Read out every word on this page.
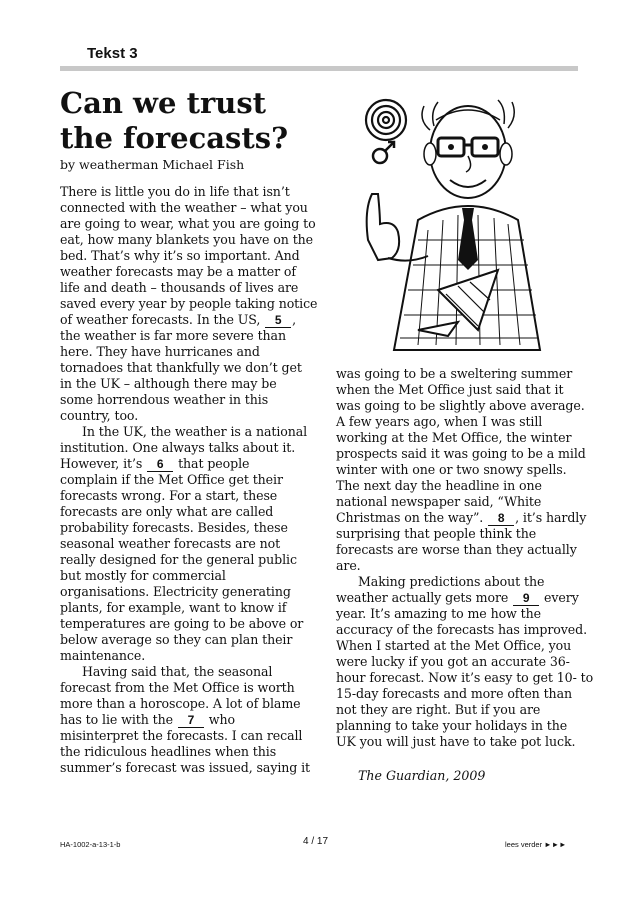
Tekst 3
Can we trust the forecasts?
by weatherman Michael Fish
There is little you do in life that isn’t
connected with the weather – what you
are going to wear, what you are going to
eat, how many blankets you have on the
bed. That’s why it’s so important. And
weather forecasts may be a matter of
life and death – thousands of lives are
saved every year by people taking notice
of weather forecasts. In the US, 5 ,
the weather is far more severe than
here. They have hurricanes and
tornadoes that thankfully we don’t get
in the UK – although there may be
some horrendous weather in this
country, too.
In the UK, the weather is a national
institution. One always talks about it.
However, it’s 6 that people
complain if the Met Office get their
forecasts wrong. For a start, these
forecasts are only what are called
probability forecasts. Besides, these
seasonal weather forecasts are not
really designed for the general public
but mostly for commercial
organisations. Electricity generating
plants, for example, want to know if
temperatures are going to be above or
below average so they can plan their
maintenance.
Having said that, the seasonal
forecast from the Met Office is worth
more than a horoscope. A lot of blame
has to lie with the 7 who
misinterpret the forecasts. I can recall
the ridiculous headlines when this
summer’s forecast was issued, saying it
was going to be a sweltering summer
when the Met Office just said that it
was going to be slightly above average.
A few years ago, when I was still
working at the Met Office, the winter
prospects said it was going to be a mild
winter with one or two snowy spells.
The next day the headline in one
national newspaper said, “White
Christmas on the way”. 8 , it’s hardly
surprising that people think the
forecasts are worse than they actually
are.
Making predictions about the
weather actually gets more 9 every
year. It’s amazing to me how the
accuracy of the forecasts has improved.
When I started at the Met Office, you
were lucky if you got an accurate 36-
hour forecast. Now it’s easy to get 10- to
15-day forecasts and more often than
not they are right. But if you are
planning to take your holidays in the
UK you will just have to take pot luck.
The Guardian, 2009
HA-1002-a-13-1-b	4 / 17	lees verder ►►►
